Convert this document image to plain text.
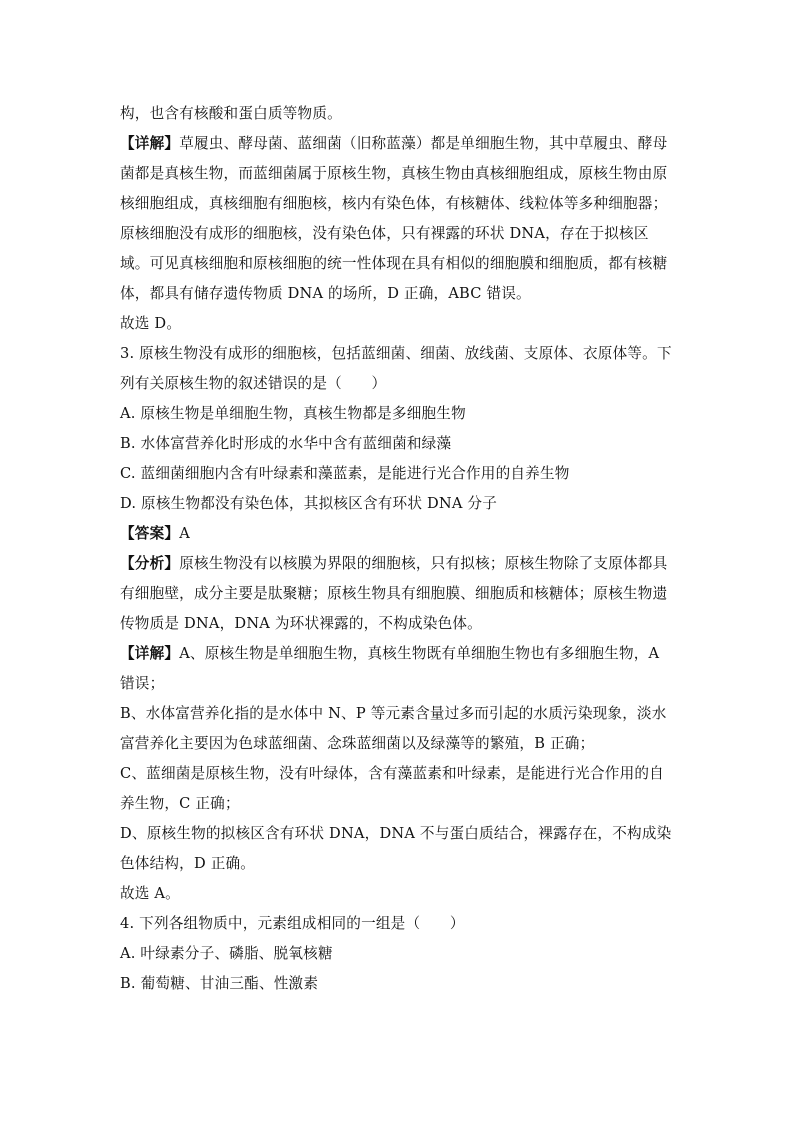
构，也含有核酸和蛋白质等物质。

【详解】草履虫、酵母菌、蓝细菌（旧称蓝藻）都是单细胞生物，其中草履虫、酵母菌都是真核生物，而蓝细菌属于原核生物，真核生物由真核细胞组成，原核生物由原核细胞组成，真核细胞有细胞核，核内有染色体，有核糖体、线粒体等多种细胞器；原核细胞没有成形的细胞核，没有染色体，只有裸露的环状 DNA，存在于拟核区域。可见真核细胞和原核细胞的统一性体现在具有相似的细胞膜和细胞质，都有核糖体，都具有储存遗传物质 DNA 的场所，D 正确，ABC 错误。

故选 D。

3. 原核生物没有成形的细胞核，包括蓝细菌、细菌、放线菌、支原体、衣原体等。下列有关原核生物的叙述错误的是（　　）

A. 原核生物是单细胞生物，真核生物都是多细胞生物

B. 水体富营养化时形成的水华中含有蓝细菌和绿藻

C. 蓝细菌细胞内含有叶绿素和藻蓝素，是能进行光合作用的自养生物

D. 原核生物都没有染色体，其拟核区含有环状 DNA 分子

【答案】A

【分析】原核生物没有以核膜为界限的细胞核，只有拟核；原核生物除了支原体都具有细胞壁，成分主要是肽聚糖；原核生物具有细胞膜、细胞质和核糖体；原核生物遗传物质是 DNA，DNA 为环状裸露的，不构成染色体。

【详解】A、原核生物是单细胞生物，真核生物既有单细胞生物也有多细胞生物，A 错误；

B、水体富营养化指的是水体中 N、P 等元素含量过多而引起的水质污染现象，淡水富营养化主要因为色球蓝细菌、念珠蓝细菌以及绿藻等的繁殖，B 正确；

C、蓝细菌是原核生物，没有叶绿体，含有藻蓝素和叶绿素，是能进行光合作用的自养生物，C 正确；

D、原核生物的拟核区含有环状 DNA，DNA 不与蛋白质结合，裸露存在，不构成染色体结构，D 正确。

故选 A。

4. 下列各组物质中，元素组成相同的一组是（　　）

A. 叶绿素分子、磷脂、脱氧核糖

B. 葡萄糖、甘油三酯、性激素
